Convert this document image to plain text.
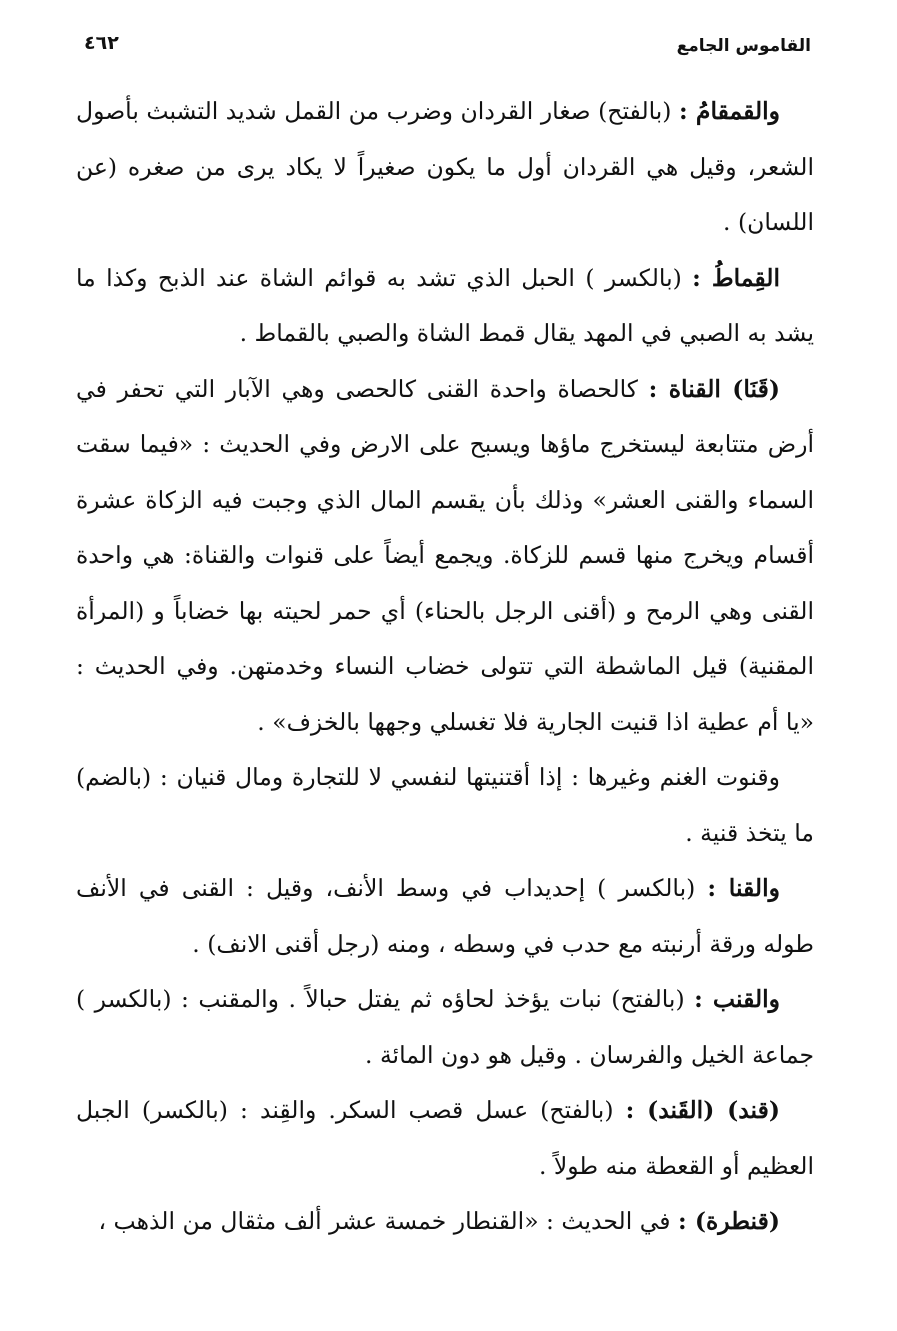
القاموس الجامع
٤٦٢

والقمقامُ : (بالفتح) صغار القردان وضرب من القمل شديد التشبث بأصول الشعر، وقيل هي القردان أول ما يكون صغيراً لا يكاد يرى من صغره (عن اللسان) .

القِماطُ : (بالكسر ) الحبل الذي تشد به قوائم الشاة عند الذبح وكذا ما يشد به الصبي في المهد يقال قمط الشاة والصبي بالقماط .

(قَنَا) القناة : كالحصاة واحدة القنى كالحصى وهي الآبار التي تحفر في أرض متتابعة ليستخرج ماؤها ويسبح على الارض وفي الحديث : «فيما سقت السماء والقنى العشر» وذلك بأن يقسم المال الذي وجبت فيه الزكاة عشرة أقسام ويخرج منها قسم للزكاة. ويجمع أيضاً على قنوات والقناة: هي واحدة القنى وهي الرمح و (أقنى الرجل بالحناء) أي حمر لحيته بها خضاباً و (المرأة المقنية) قيل الماشطة التي تتولى خضاب النساء وخدمتهن. وفي الحديث : «يا أم عطية اذا قنيت الجارية فلا تغسلي وجهها بالخزف» .

وقنوت الغنم وغيرها : إذا أقتنيتها لنفسي لا للتجارة ومال قنيان : (بالضم) ما يتخذ قنية .

والقنا : (بالكسر ) إحديداب في وسط الأنف، وقيل : القنى في الأنف طوله ورقة أرنبته مع حدب في وسطه ، ومنه (رجل أقنى الانف) .

والقنب : (بالفتح) نبات يؤخذ لحاؤه ثم يفتل حبالاً . والمقنب : (بالكسر ) جماعة الخيل والفرسان . وقيل هو دون المائة .

(قند) (القَند) : (بالفتح) عسل قصب السكر. والقِند : (بالكسر) الجبل العظيم أو القعطة منه طولاً .

(قنطرة) : في الحديث : «القنطار خمسة عشر ألف مثقال من الذهب ،
